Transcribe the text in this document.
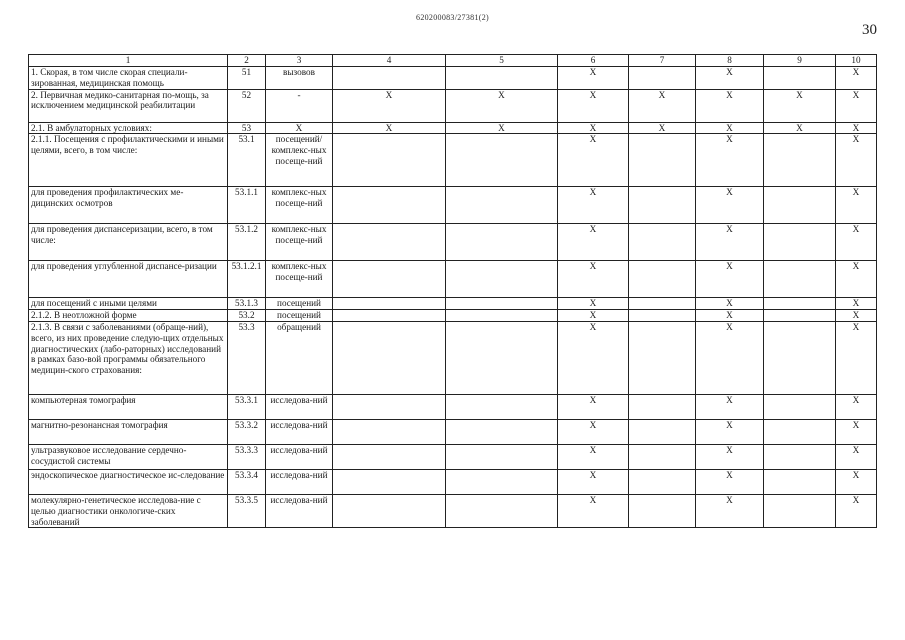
620200083/27381(2)
30
1	2	3	4	5	6	7	8	9	10
1. Скорая, в том числе скорая специали-зированная, медицинская помощь	51	вызовов			X		X		X
2. Первичная медико-санитарная по-мощь, за исключением медицинской реабилитации	52	-	X	X	X	X	X	X	X
2.1. В амбулаторных условиях:	53	X	X	X	X	X	X	X	X
2.1.1. Посещения с профилактическими и иными целями, всего, в том числе:	53.1	посещений/ комплекс-ных посеще-ний			X		X		X
для проведения профилактических ме-дицинских осмотров	53.1.1	комплекс-ных посеще-ний			X		X		X
для проведения диспансеризации, всего, в том числе:	53.1.2	комплекс-ных посеще-ний			X		X		X
для проведения углубленной диспансе-ризации	53.1.2.1	комплекс-ных посеще-ний			X		X		X
для посещений с иными целями	53.1.3	посещений			X		X		X
2.1.2. В неотложной форме	53.2	посещений			X		X		X
2.1.3. В связи с заболеваниями (обраще-ний), всего, из них проведение следую-щих отдельных диагностических (лабо-раторных) исследований в рамках базо-вой программы обязательного медицин-ского страхования:	53.3	обращений			X		X		X
компьютерная томография	53.3.1	исследова-ний			X		X		X
магнитно-резонансная томография	53.3.2	исследова-ний			X		X		X
ультразвуковое исследование сердечно-сосудистой системы	53.3.3	исследова-ний			X		X		X
эндоскопическое диагностическое ис-следование	53.3.4	исследова-ний			X		X		X
молекулярно-генетическое исследова-ние с целью диагностики онкологиче-ских заболеваний	53.3.5	исследова-ний			X		X		X
